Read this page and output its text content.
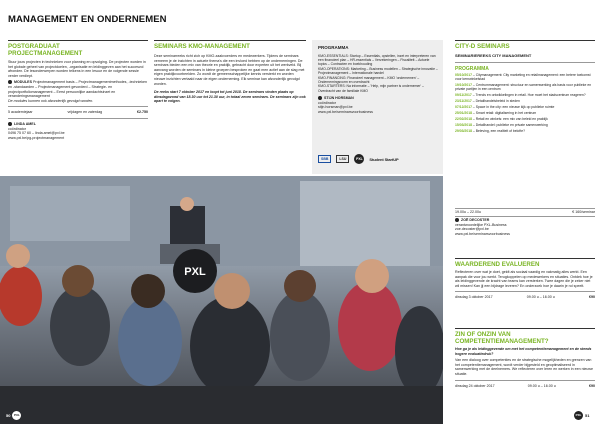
MANAGEMENT EN ONDERNEMEN
POSTGRADUAAT
PROJECTMANAGEMENT
Stuur jouw projecten in technieken voor planning en opvolging. De projecten worden in het globale geheel van projectdoelen, -organisatie en leidinggeven aan het succesvol afronden. De lesonderwerpen worden telkens in een lesuur en de volgende sessie verder verdiept.
MODULES Projectmanagement basis – Projectmanagementmethodes, -technieken en -standaarden – Projectmanagement gevorderd – Strategie- en projectportfoliomanagement – Eerst persoonlijke aandachtsinzet en veranderingsmanagement
De modules kunnen ook afzonderlijk gevolgd worden.
5 academiejaar	vrijdagen en zaterdag	€2.750
LINDA AMEL
coördinator
0496 75 07 60 – linda.amel@pxl.be
www.pxl.be/pg-projectmanagement
SEMINARS KMO-MANAGEMENT
Deze seminarreeks richt zich op KMO-zaakvoerders en medewerkers. Tijdens de seminars verneem je de inzichten in actuele thema's die een invloed hebben op de ondernemingen. De seminars bieden een mix van theorie en praktijk, gebracht door experten uit het werkveld. Bij aanvang worden de seminars in kleine groepen besproken en gaat men actief aan de slag met eigen praktijkvoorbeelden. Zo wordt de gemeenschappelijke kennis versterkt en worden nieuwe inzichten vertaald naar de eigen onderneming. Elk seminar kan afzonderlijk gevolgd worden.
De reeks start 7 oktober 2017 en loopt tot juni 2018. De seminars vinden plaats op dinsdagavond van 18.30 uur tot 21.30 uur, in totaal zeven seminars. De seminars zijn ook apart te volgen.
PROGRAMMA
KMO-ESSENTIALS: Startup – Essentials, opstellen, inzet en interpreteren van een financieel plan – HR-essentials – Verzekeringen – Fiscaliteit – Actuele topics – Contracten en boekhouding
KMO-OPERATIONS: Marketing – Business modellen – Strategische innovatie – Projectmanagement – Internationale handel
KMO-FINANCING: Financieel management – KMO 'ondernemen' – Ondernemingsvorm en overdracht
KMO-STARTERS: Na informatie – 'Help, mijn partner is ondernemer' – Overdracht van de familiale KMO
STIJN HORSMAN
coördinator
stijn.horsman@pxl.be
www.pxl.be/seminarsvoorbusiness
SBB	LSU	PXL	Student StartUP
PXL
CITY-D SEMINARS
SEMINARIEREEKS CITY MANAGEMENT
PROGRAMMA
05/10/2017 – Citymanagement: City marketing en retailmanagement: een betere toekomst voor kernwinkelstad
19/10/2017 – Centrummanagement: structuur en samenwerking als basis voor publieke en private partijen in een centrum
09/11/2017 – Trends en ontwikkelingen in retail. Hoe moet het stadscentrum reageren?
23/11/2017 – Detailhandelsbeleid in steden
07/12/2017 – Space in the city: een nieuwe kijk op publieke ruimte
25/01/2018 – Smart retail: digitalisering in het centrum
22/02/2018 – Retail en winkels: een mix van beleid en praktijk
15/03/2018 – Detailhandel: publieke en private samenwerking
29/03/2018 – Beleving, een realiteit of belofte?
19.00u – 22.00u	€ 160/seminar
ZOË DECOSTER
verantwoordelijke PXL-Business
zoe.decoster@pxl.be
www.pxl.be/seminarsvoorbusiness
WAARDEREND EVALUEREN
Reflecteren over wat je doet, geldt als sociaal vaardig en vakmatig alles werkt. Een aanpak die voor jou werkt. Terugkoppelen op medewerkers en situaties. Ontdek hoe je als leidinggevende de kracht van teams kan versterken. Twee dagen die je zeker niet wil missen! Kan jij een bijdrage leveren? En onderzoek hoe je daarin je rol speelt.
dinsdag 3 oktober 2017	09.00 u – 16.00 u	€90
ZIN OF ONZIN VAN
COMPETENTIEMANAGEMENT?
Hoe ga je als leidinggevende om met het competentiemanagement en de steeds hogere evaluatiedruk?
Van een dialoog over competenties en de strategische mogelijkheden en grenzen van het competentiemanagement, wordt verder bijgesteld en geoptimaliseerd in samenwerking met de deelnemers. We reflecteren over leren en werken in een nieuwe situatie.
dinsdag 24 oktober 2017	09.00 u – 16.00 u	€90
50	PXL	PXL 51
